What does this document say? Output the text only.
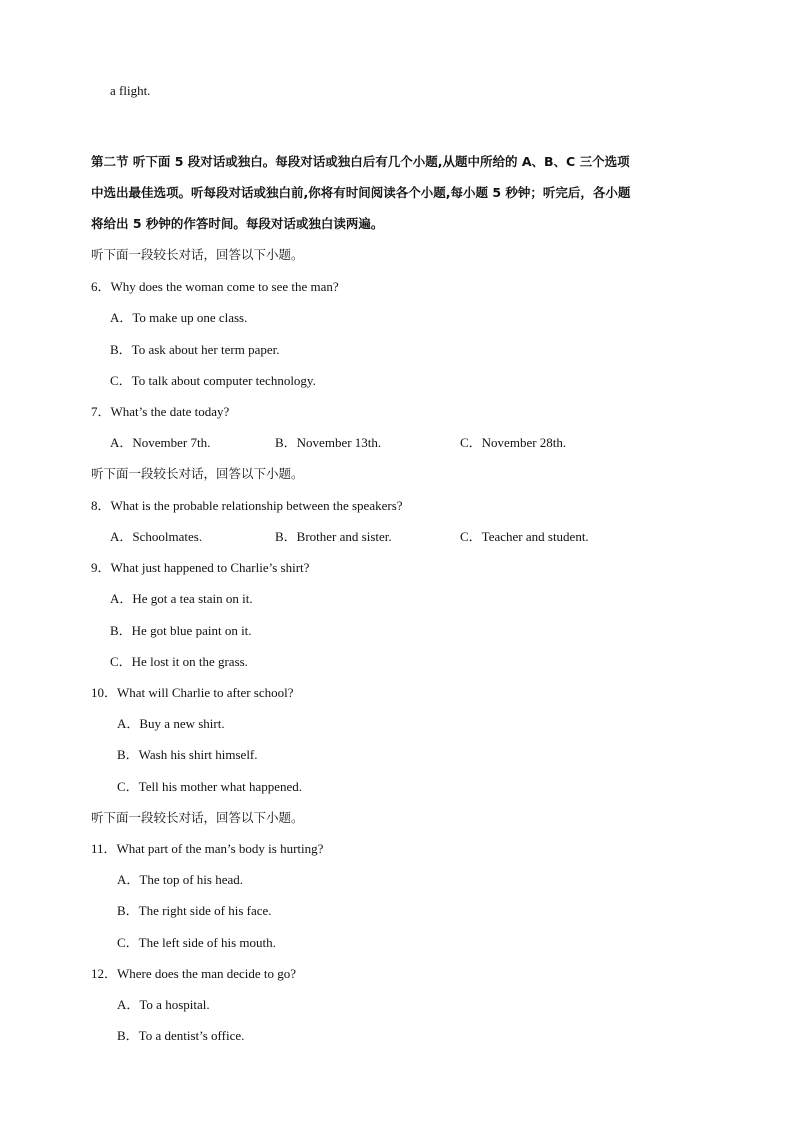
a flight.
第二节 听下面 5 段对话或独白。每段对话或独白后有几个小题,从题中所给的 A、B、C 三个选项
中选出最佳选项。听每段对话或独白前,你将有时间阅读各个小题,每小题 5 秒钟；听完后，各小题
将给出 5 秒钟的作答时间。每段对话或独白读两遍。
听下面一段较长对话，回答以下小题。
6．Why does the woman come to see the man?
A．To make up one class.
B．To ask about her term paper.
C．To talk about computer technology.
7．What’s the date today?
A．November 7th.	B．November 13th.	C．November 28th.
听下面一段较长对话，回答以下小题。
8．What is the probable relationship between the speakers?
A．Schoolmates.	B．Brother and sister.	C．Teacher and student.
9．What just happened to Charlie’s shirt?
A．He got a tea stain on it.
B．He got blue paint on it.
C．He lost it on the grass.
10．What will Charlie to after school?
A．Buy a new shirt.
B．Wash his shirt himself.
C．Tell his mother what happened.
听下面一段较长对话，回答以下小题。
11．What part of the man’s body is hurting?
A．The top of his head.
B．The right side of his face.
C．The left side of his mouth.
12．Where does the man decide to go?
A．To a hospital.
B．To a dentist’s office.
